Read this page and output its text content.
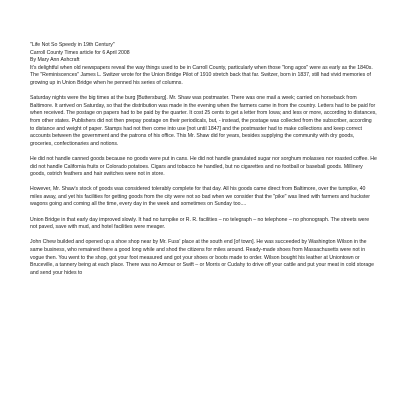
"Life Not So Speedy in 19th Century"
Carroll County Times article for 6 April 2008
By Mary Ann Ashcraft

It's delightful when old newspapers reveal the way things used to be in Carroll County, particularly when those "long agos" were as early as the 1840s. The "Reminiscences" James L. Switzer wrote for the Union Bridge Pilot of 1910 stretch back that far. Switzer, born in 1837, still had vivid memories of growing up in Union Bridge when he penned his series of columns.

Saturday nights were the big times at the burg [Buttersburg]. Mr. Shaw was postmaster. There was one mail a week; carried on horseback from Baltimore. It arrived on Saturday, so that the distribution was made in the evening when the farmers came in from the country. Letters had to be paid for when received. The postage on papers had to be paid by the quarter. It cost 25 cents to get a letter from Iowa; and less or more, according to distances, from other states. Publishers did not then prepay postage on their periodicals, but, - instead, the postage was collected from the subscriber, according to distance and weight of paper. Stamps had not then come into use [not until 1847] and the postmaster had to make collections and keep correct accounts between the government and the patrons of his office. This Mr. Shaw did for years, besides supplying the community with dry goods, groceries, confectionaries and notions.

He did not handle canned goods because no goods were put in cans. He did not handle granulated sugar nor sorghum molasses nor roasted coffee. He did not handle California fruits or Colorado potatoes. Cigars and tobacco he handled, but no cigarettes and no football or baseball goods. Millinery goods, ostrich feathers and hair switches were not in store.

However, Mr. Shaw's stock of goods was considered tolerably complete for that day. All his goods came direct from Baltimore, over the turnpike, 40 miles away, and yet his facilities for getting goods from the city were not so bad when we consider that the "pike" was lined with farmers and huckster wagons going and coming all the time, every day in the week and sometimes on Sunday too....

Union Bridge in that early day improved slowly. It had no turnpike or R. R. facilities – no telegraph – no telephone – no phonograph. The streets were not paved, save with mud, and hotel facilities were meager.

John Chew builded and opened up a shoe shop near by Mr. Fuss' place at the south end [of town]. He was succeeded by Washington Wilson in the same business, who remained there a good long while and shod the citizens for miles around. Ready-made shoes from Massachusetts were not in vogue then. You went to the shop, got your foot measured and got your shoes or boots made to order. Wilson bought his leather at Uniontown or Bruceville, a tannery being at each place. There was no Armour or Swift – or Morris or Cudahy to drive off your cattle and put your meat in cold storage and send your hides to
